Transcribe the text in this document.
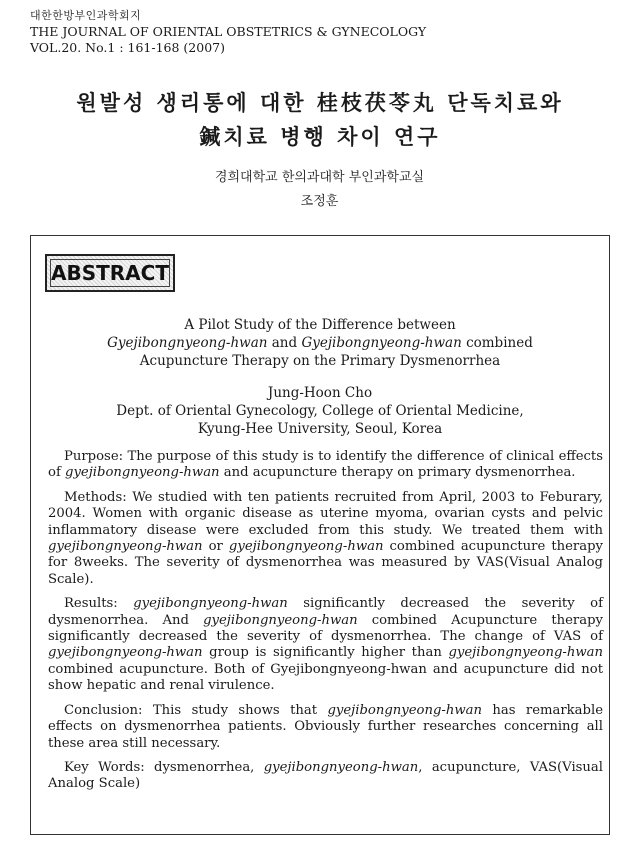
대한한방부인과학회지
THE JOURNAL OF ORIENTAL OBSTETRICS & GYNECOLOGY
VOL.20. No.1 : 161-168 (2007)
원발성 생리통에 대한 桂枝茯苓丸 단독치료와
鍼치료 병행 차이 연구
경희대학교 한의과대학 부인과학교실
조정훈
ABSTRACT
A Pilot Study of the Difference between
Gyejibongnyeong-hwan and Gyejibongnyeong-hwan combined
Acupuncture Therapy on the Primary Dysmenorrhea
Jung-Hoon Cho
Dept. of Oriental Gynecology, College of Oriental Medicine,
Kyung-Hee University, Seoul, Korea

Purpose: The purpose of this study is to identify the difference of clinical effects of gyejibongnyeong-hwan and acupuncture therapy on primary dysmenorrhea.

Methods: We studied with ten patients recruited from April, 2003 to Feburary, 2004. Women with organic disease as uterine myoma, ovarian cysts and pelvic inflammatory disease were excluded from this study. We treated them with gyejibongnyeong-hwan or gyejibongnyeong-hwan combined acupuncture therapy for 8weeks. The severity of dysmenorrhea was measured by VAS(Visual Analog Scale).

Results: gyejibongnyeong-hwan significantly decreased the severity of dysmenorrhea. And gyejibongnyeong-hwan combined Acupuncture therapy significantly decreased the severity of dysmenorrhea. The change of VAS of gyejibongnyeong-hwan group is significantly higher than gyejibongnyeong-hwan combined acupuncture. Both of Gyejibongnyeong-hwan and acupuncture did not show hepatic and renal virulence.

Conclusion: This study shows that gyejibongnyeong-hwan has remarkable effects on dysmenorrhea patients. Obviously further researches concerning all these area still necessary.

Key Words: dysmenorrhea, gyejibongnyeong-hwan, acupuncture, VAS(Visual Analog Scale)
